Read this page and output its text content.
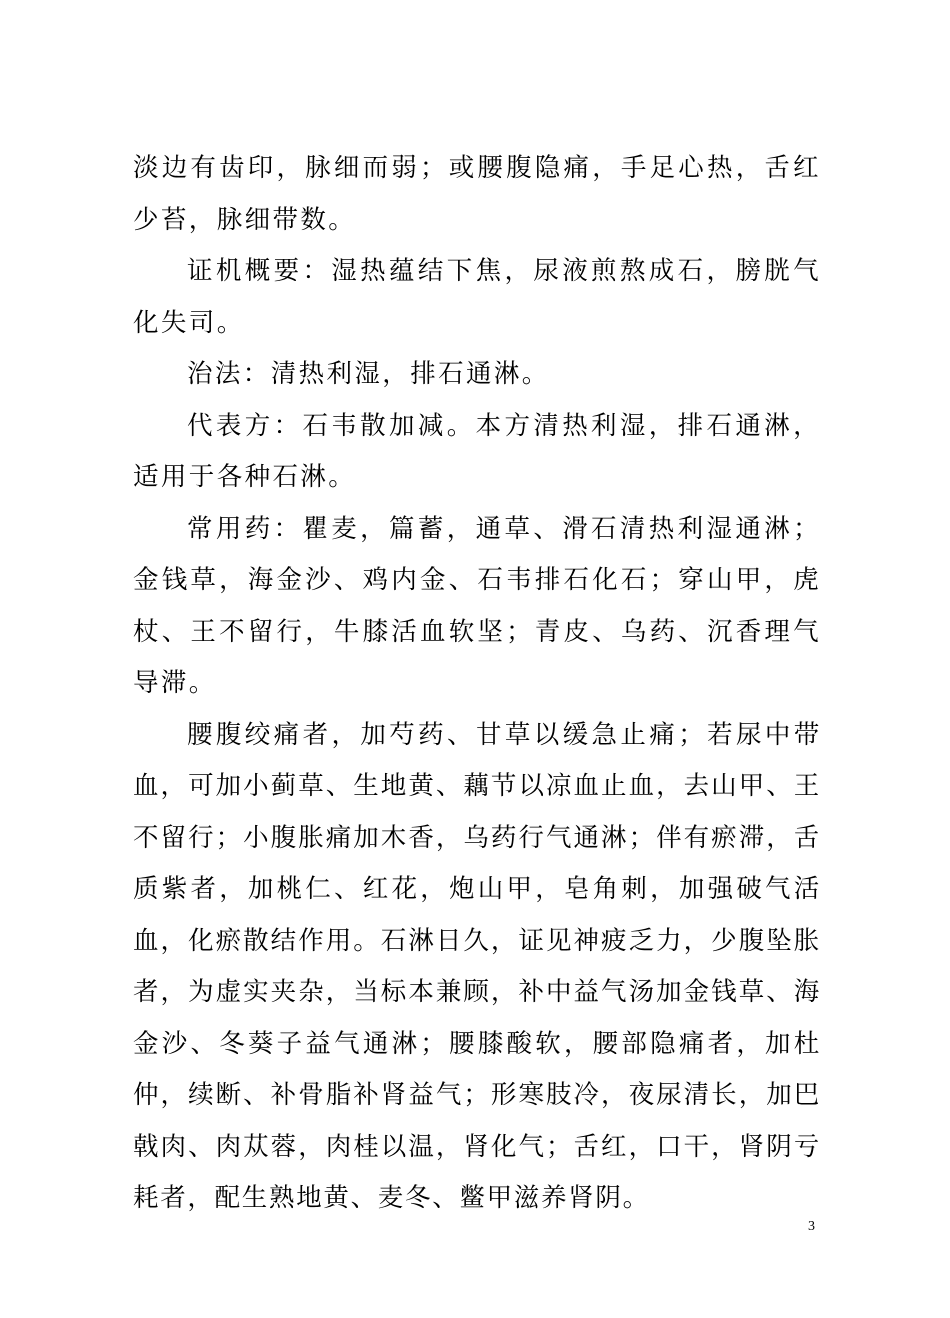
淡边有齿印，脉细而弱；或腰腹隐痛，手足心热，舌红少苔，脉细带数。

证机概要：湿热蕴结下焦，尿液煎熬成石，膀胱气化失司。

治法：清热利湿，排石通淋。

代表方：石韦散加减。本方清热利湿，排石通淋，适用于各种石淋。

常用药：瞿麦，篇蓄，通草、滑石清热利湿通淋；金钱草，海金沙、鸡内金、石韦排石化石；穿山甲，虎杖、王不留行，牛膝活血软坚；青皮、乌药、沉香理气导滞。

腰腹绞痛者，加芍药、甘草以缓急止痛；若尿中带血，可加小蓟草、生地黄、藕节以凉血止血，去山甲、王不留行；小腹胀痛加木香，乌药行气通淋；伴有瘀滞，舌质紫者，加桃仁、红花，炮山甲，皂角刺，加强破气活血，化瘀散结作用。石淋日久，证见神疲乏力，少腹坠胀者，为虚实夹杂，当标本兼顾，补中益气汤加金钱草、海金沙、冬葵子益气通淋；腰膝酸软，腰部隐痛者，加杜仲，续断、补骨脂补肾益气；形寒肢冷，夜尿清长，加巴戟肉、肉苁蓉，肉桂以温，肾化气；舌红，口干，肾阴亏耗者，配生熟地黄、麦冬、鳖甲滋养肾阴。

3
